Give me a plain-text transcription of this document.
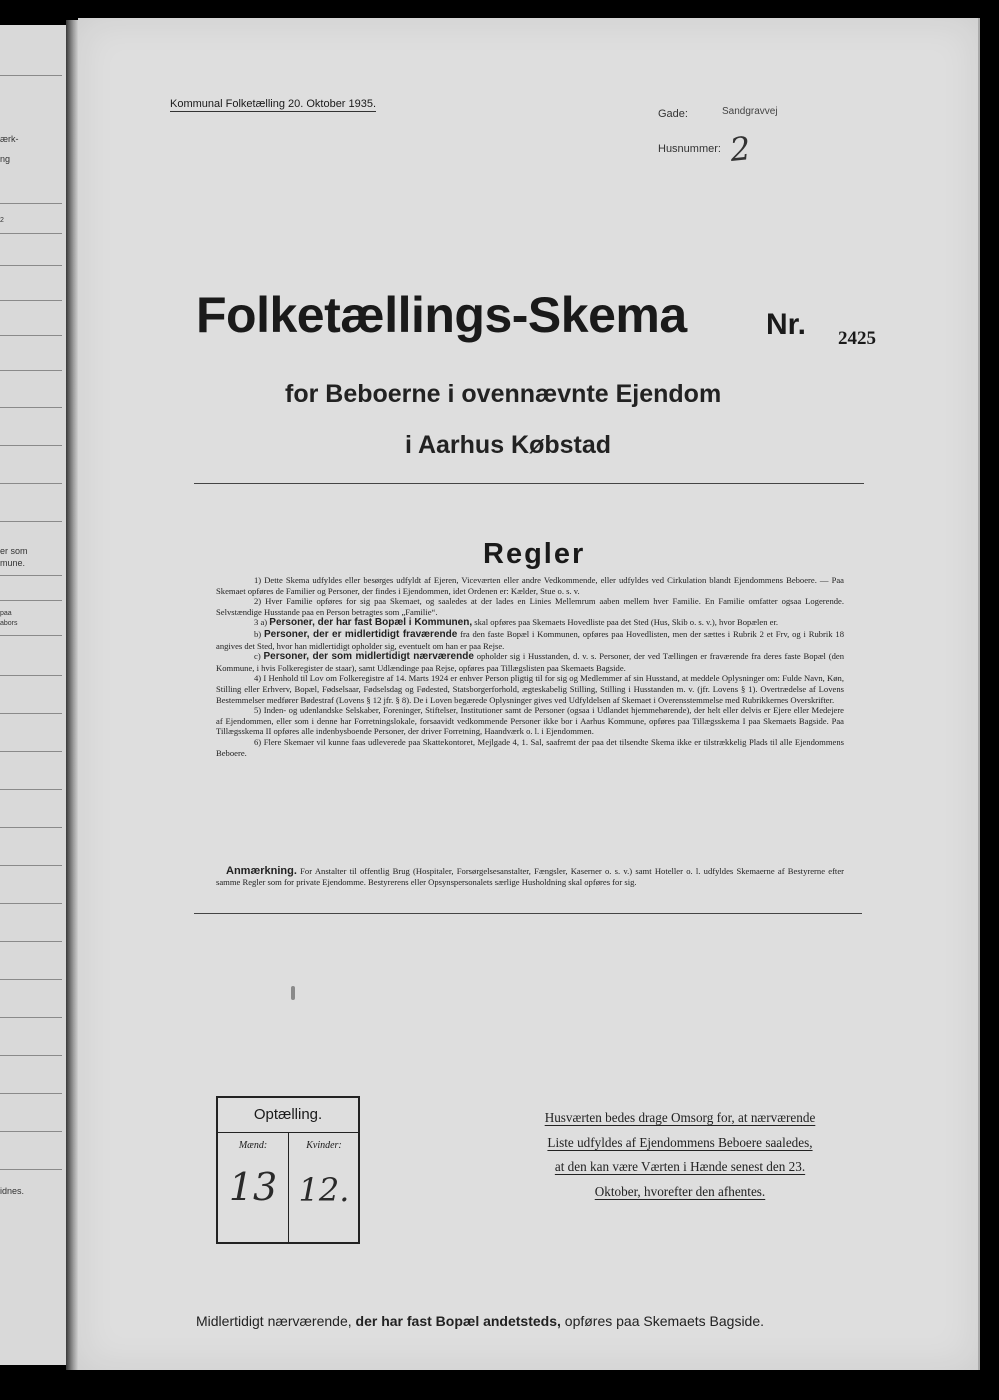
ærk-
ng
2
er som
mune.
paa
abors
idnes.
Kommunal Folketælling 20. Oktober 1935.
Gade:	Sandgravvej
Husnummer: 2
Folketællings-Skema	Nr. 2425
for Beboerne i ovennævnte Ejendom
i Aarhus Købstad
Regler

1) Dette Skema udfyldes eller besørges udfyldt af Ejeren, Viceværten eller andre Vedkommende, eller udfyldes ved Cirkulation blandt Ejendommens Beboere. — Paa Skemaet opføres de Familier og Personer, der findes i Ejendommen, idet Ordenen er: Kælder, Stue o. s. v.

2) Hver Familie opføres for sig paa Skemaet, og saaledes at der lades en Linies Mellemrum aaben mellem hver Familie. En Familie omfatter ogsaa Logerende. Selvstændige Husstande paa en Person betragtes som „Familie“.

3 a) Personer, der har fast Bopæl i Kommunen, skal opføres paa Skemaets Hovedliste paa det Sted (Hus, Skib o. s. v.), hvor Bopælen er.

b) Personer, der er midlertidigt fraværende fra den faste Bopæl i Kommunen, opføres paa Hovedlisten, men der sættes i Rubrik 2 et Frv, og i Rubrik 18 angives det Sted, hvor han midlertidigt opholder sig, eventuelt om han er paa Rejse.

c) Personer, der som midlertidigt nærværende opholder sig i Husstanden, d. v. s. Personer, der ved Tællingen er fraværende fra deres faste Bopæl (den Kommune, i hvis Folkeregister de staar), samt Udlændinge paa Rejse, opføres paa Tillægslisten paa Skemaets Bagside.

4) I Henhold til Lov om Folkeregistre af 14. Marts 1924 er enhver Person pligtig til for sig og Medlemmer af sin Husstand, at meddele Oplysninger om: Fulde Navn, Køn, Stilling eller Erhverv, Bopæl, Fødselsaar, Fødselsdag og Fødested, Statsborgerforhold, ægteskabelig Stilling, Stilling i Husstanden m. v. (jfr. Lovens § 1). Overtrædelse af Lovens Bestemmelser medfører Bødestraf (Lovens § 12 jfr. § 8). De i Loven begærede Oplysninger gives ved Udfyldelsen af Skemaet i Overensstemmelse med Rubrikkernes Overskrifter.

5) Inden- og udenlandske Selskaber, Foreninger, Stiftelser, Institutioner samt de Personer (ogsaa i Udlandet hjemmehørende), der helt eller delvis er Ejere eller Medejere af Ejendommen, eller som i denne har Forretningslokale, forsaavidt vedkommende Personer ikke bor i Aarhus Kommune, opføres paa Tillægsskema I paa Skemaets Bagside. Paa Tillægsskema II opføres alle indenbysboende Personer, der driver Forretning, Haandværk o. l. i Ejendommen.

6) Flere Skemaer vil kunne faas udleverede paa Skattekontoret, Mejlgade 4, 1. Sal, saafremt der paa det tilsendte Skema ikke er tilstrækkelig Plads til alle Ejendommens Beboere.

Anmærkning. For Anstalter til offentlig Brug (Hospitaler, Forsørgelsesanstalter, Fængsler, Kaserner o. s. v.) samt Hoteller o. l. udfyldes Skemaerne af Bestyrerne efter samme Regler som for private Ejendomme. Bestyrerens eller Opsynspersonalets særlige Husholdning skal opføres for sig.

Optælling.
Mænd:
13
Kvinder:
12.
Husværten bedes drage Omsorg for, at nærværende
Liste udfyldes af Ejendommens Beboere saaledes,
at den kan være Værten i Hænde senest den 23.
Oktober, hvorefter den afhentes.
Midlertidigt nærværende, der har fast Bopæl andetsteds, opføres paa Skemaets Bagside.
